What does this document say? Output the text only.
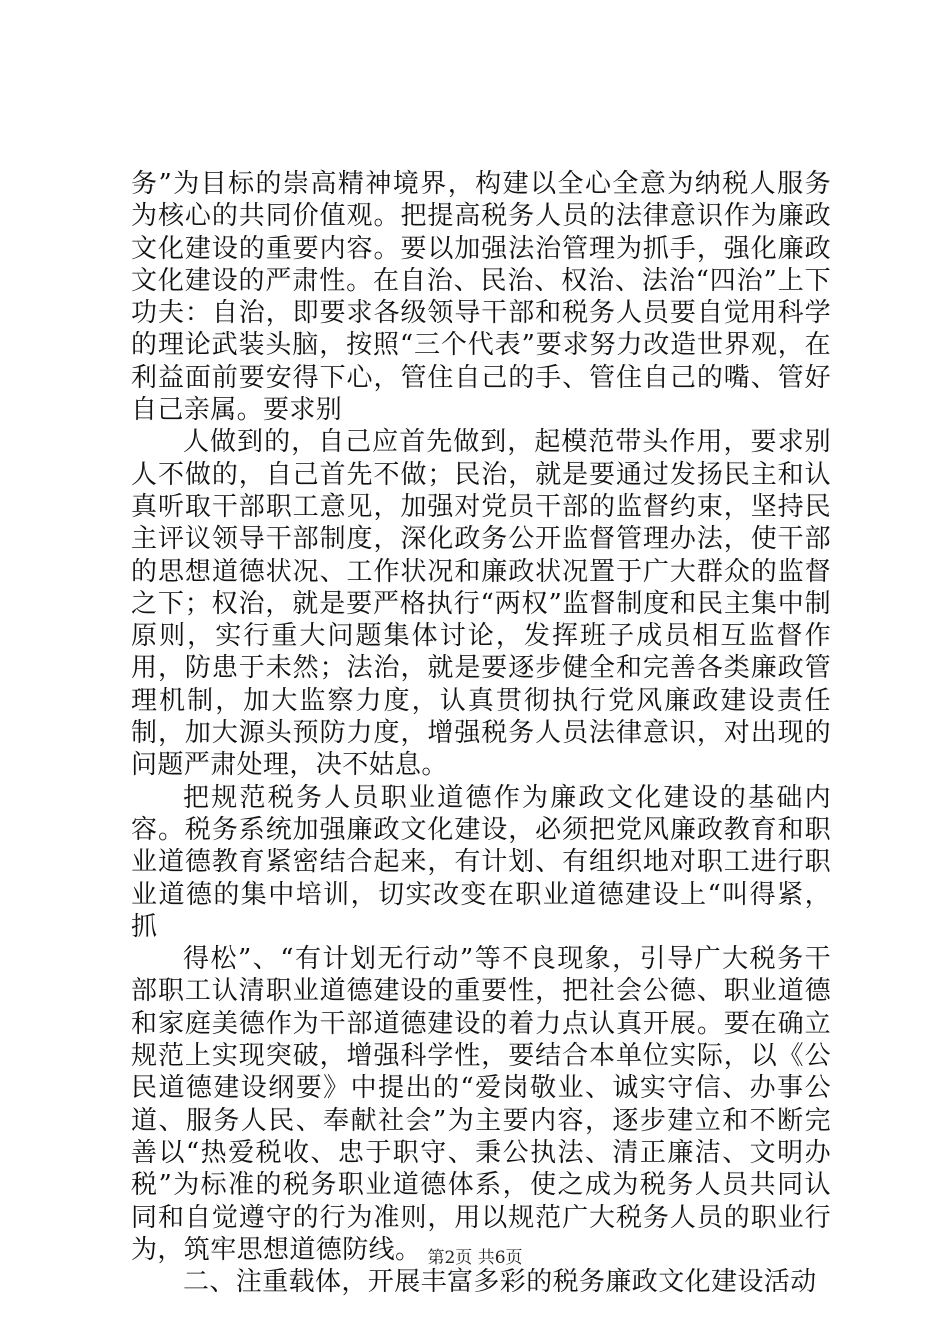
务”为目标的崇高精神境界，构建以全心全意为纳税人服务为核心的共同价值观。把提高税务人员的法律意识作为廉政文化建设的重要内容。要以加强法治管理为抓手，强化廉政文化建设的严肃性。在自治、民治、权治、法治“四治”上下功夫：自治，即要求各级领导干部和税务人员要自觉用科学的理论武装头脑，按照“三个代表”要求努力改造世界观，在利益面前要安得下心，管住自己的手、管住自己的嘴、管好自己亲属。要求别

人做到的，自己应首先做到，起模范带头作用，要求别人不做的，自己首先不做；民治，就是要通过发扬民主和认真听取干部职工意见，加强对党员干部的监督约束，坚持民主评议领导干部制度，深化政务公开监督管理办法，使干部的思想道德状况、工作状况和廉政状况置于广大群众的监督之下；权治，就是要严格执行“两权”监督制度和民主集中制原则，实行重大问题集体讨论，发挥班子成员相互监督作用，防患于未然；法治，就是要逐步健全和完善各类廉政管理机制，加大监察力度，认真贯彻执行党风廉政建设责任制，加大源头预防力度，增强税务人员法律意识，对出现的问题严肃处理，决不姑息。

把规范税务人员职业道德作为廉政文化建设的基础内容。税务系统加强廉政文化建设，必须把党风廉政教育和职业道德教育紧密结合起来，有计划、有组织地对职工进行职业道德的集中培训，切实改变在职业道德建设上“叫得紧，抓

得松”、“有计划无行动”等不良现象，引导广大税务干部职工认清职业道德建设的重要性，把社会公德、职业道德和家庭美德作为干部道德建设的着力点认真开展。要在确立规范上实现突破，增强科学性，要结合本单位实际，以《公民道德建设纲要》中提出的“爱岗敬业、诚实守信、办事公道、服务人民、奉献社会”为主要内容，逐步建立和不断完善以“热爱税收、忠于职守、秉公执法、清正廉洁、文明办税”为标准的税务职业道德体系，使之成为税务人员共同认同和自觉遵守的行为准则，用以规范广大税务人员的职业行为，筑牢思想道德防线。

二、注重载体，开展丰富多彩的税务廉政文化建设活动

第2页 共6页
